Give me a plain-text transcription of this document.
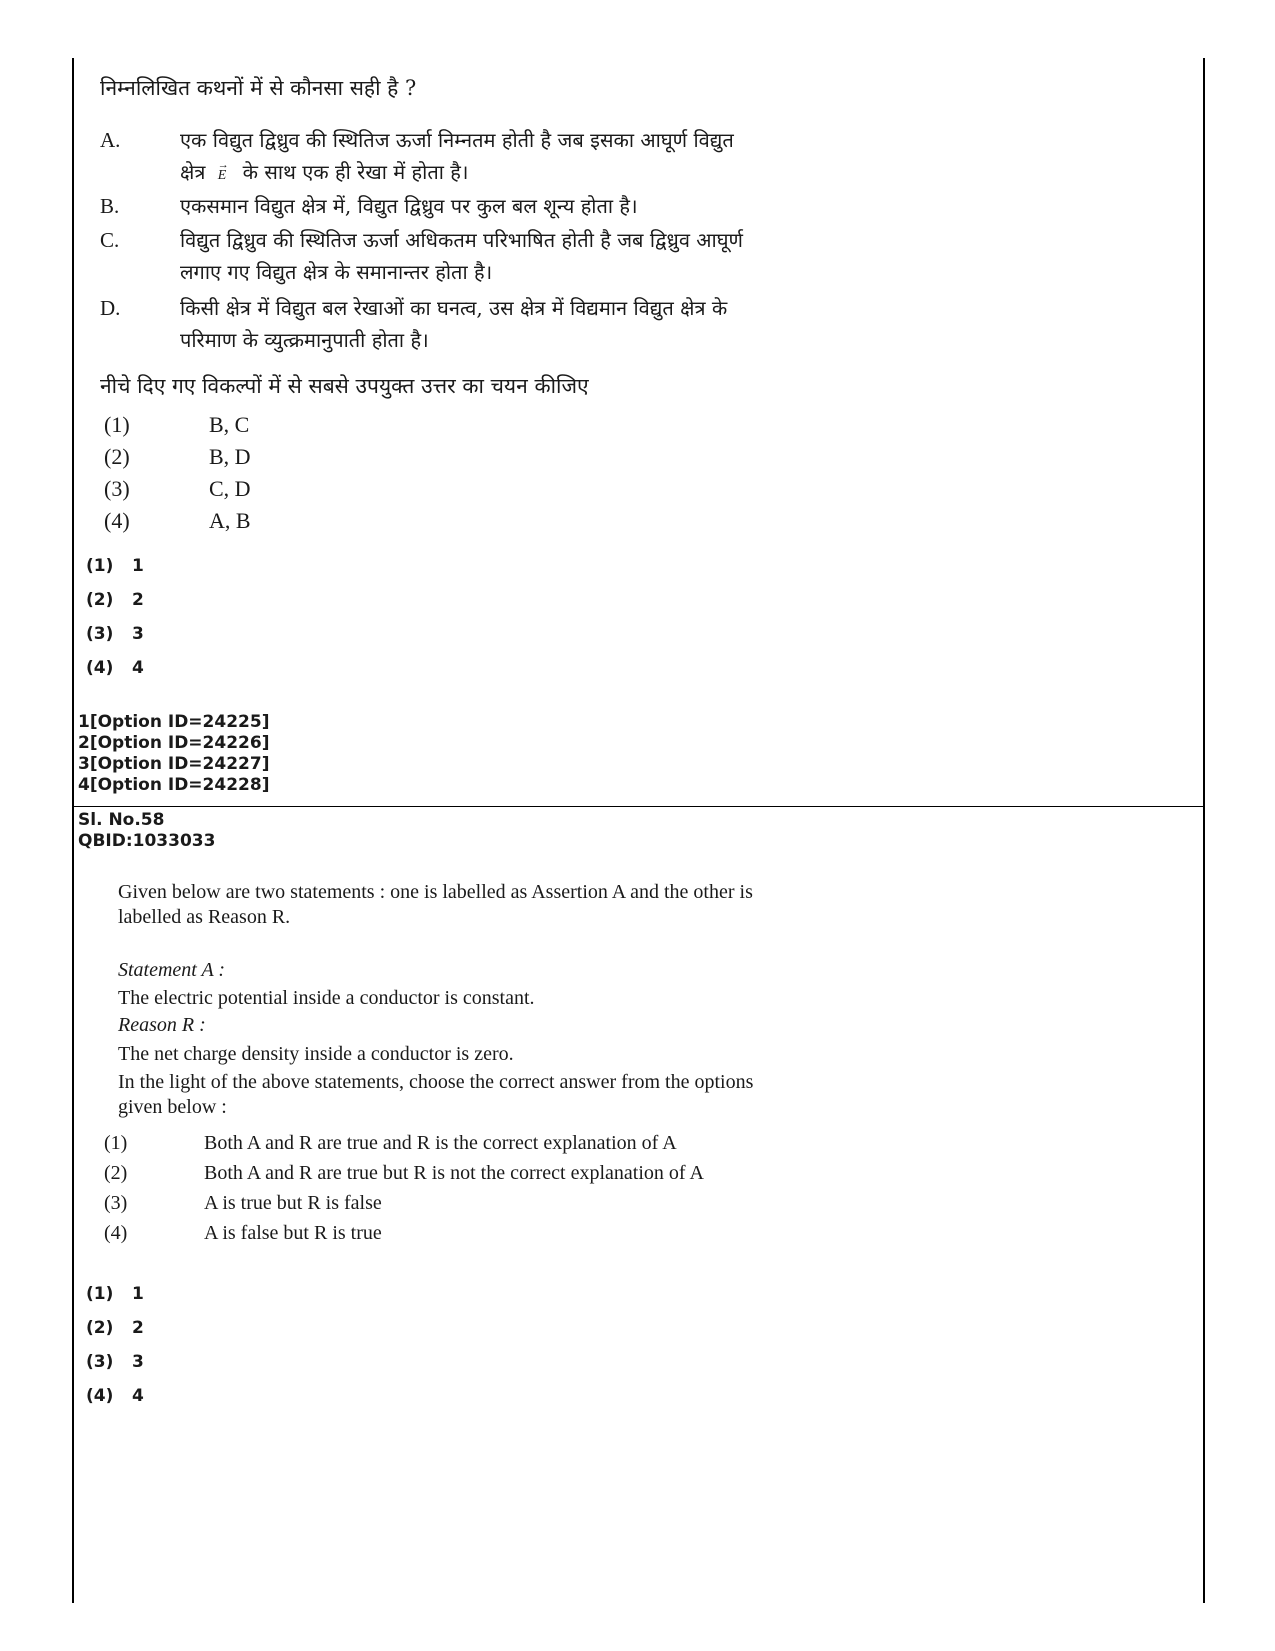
निम्नलिखित कथनों में से कौनसा सही है ?
A.	एक विद्युत द्विध्रुव की स्थितिज ऊर्जा निम्नतम होती है जब इसका आघूर्ण विद्युत
क्षेत्र → E के साथ एक ही रेखा में होता है।
B.	एकसमान विद्युत क्षेत्र में, विद्युत द्विध्रुव पर कुल बल शून्य होता है।
C.	विद्युत द्विध्रुव की स्थितिज ऊर्जा अधिकतम परिभाषित होती है जब द्विध्रुव आघूर्ण
लगाए गए विद्युत क्षेत्र के समानान्तर होता है।
D.	किसी क्षेत्र में विद्युत बल रेखाओं का घनत्व, उस क्षेत्र में विद्यमान विद्युत क्षेत्र के
परिमाण के व्युत्क्रमानुपाती होता है।
नीचे दिए गए विकल्पों में से सबसे उपयुक्त उत्तर का चयन कीजिए
(1)	B, C
(2)	B, D
(3)	C, D
(4)	A, B
(1)	1
(2)	2
(3)	3
(4)	4
1[Option ID=24225]
2[Option ID=24226]
3[Option ID=24227]
4[Option ID=24228]
Sl. No.58
QBID:1033033
Given below are two statements : one is labelled as Assertion A and the other is
labelled as Reason R.
Statement A :
The electric potential inside a conductor is constant.
Reason R :
The net charge density inside a conductor is zero.
In the light of the above statements, choose the correct answer from the options
given below :
(1)	Both A and R are true and R is the correct explanation of A
(2)	Both A and R are true but R is not the correct explanation of A
(3)	A is true but R is false
(4)	A is false but R is true
(1)	1
(2)	2
(3)	3
(4)	4
